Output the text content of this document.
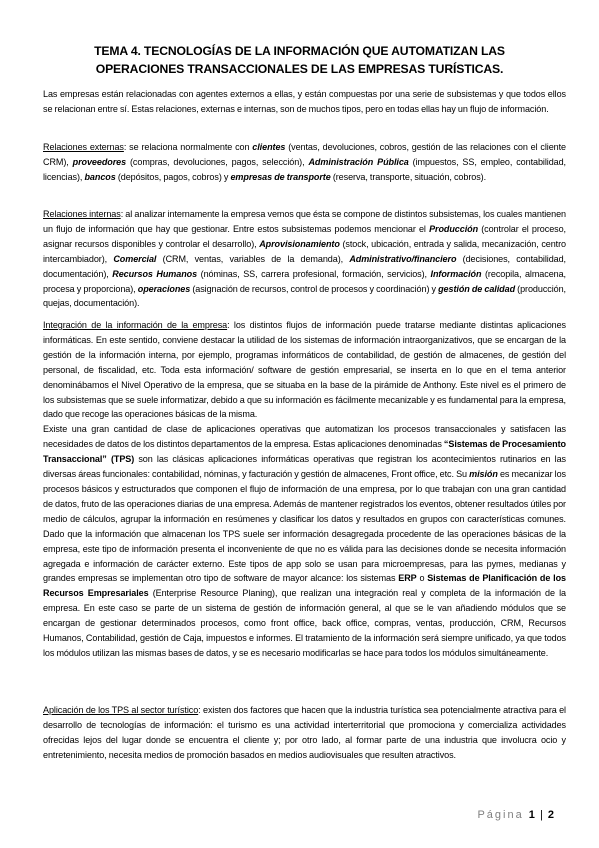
TEMA 4. TECNOLOGÍAS DE LA INFORMACIÓN QUE AUTOMATIZAN LAS OPERACIONES TRANSACCIONALES DE LAS EMPRESAS TURÍSTICAS.
Las empresas están relacionadas con agentes externos a ellas, y están compuestas por una serie de subsistemas y que todos ellos se relacionan entre sí. Estas relaciones, externas e internas, son de muchos tipos, pero en todas ellas hay un flujo de información.
Relaciones externas: se relaciona normalmente con clientes (ventas, devoluciones, cobros, gestión de las relaciones con el cliente CRM), proveedores (compras, devoluciones, pagos, selección), Administración Pública (impuestos, SS, empleo, contabilidad, licencias), bancos (depósitos, pagos, cobros) y empresas de transporte (reserva, transporte, situación, cobros).
Relaciones internas: al analizar internamente la empresa vemos que ésta se compone de distintos subsistemas, los cuales mantienen un flujo de información que hay que gestionar. Entre estos subsistemas podemos mencionar el Producción (controlar el proceso, asignar recursos disponibles y controlar el desarrollo), Aprovisionamiento (stock, ubicación, entrada y salida, mecanización, centro intercambiador), Comercial (CRM, ventas, variables de la demanda), Administrativo/financiero (decisiones, contabilidad, documentación), Recursos Humanos (nóminas, SS, carrera profesional, formación, servicios), Información (recopila, almacena, procesa y proporciona), operaciones (asignación de recursos, control de procesos y coordinación) y gestión de calidad (producción, quejas, documentación).
Integración de la información de la empresa: los distintos flujos de información puede tratarse mediante distintas aplicaciones informáticas. En este sentido, conviene destacar la utilidad de los sistemas de información intraorganizativos, que se encargan de la gestión de la información interna, por ejemplo, programas informáticos de contabilidad, de gestión de almacenes, de gestión del personal, de fiscalidad, etc. Toda esta información/ software de gestión empresarial, se inserta en lo que en el tema anterior denominábamos el Nivel Operativo de la empresa, que se situaba en la base de la pirámide de Anthony. Este nivel es el primero de los subsistemas que se suele informatizar, debido a que su información es fácilmente mecanizable y es fundamental para la empresa, dado que recoge las operaciones básicas de la misma.
Existe una gran cantidad de clase de aplicaciones operativas que automatizan los procesos transaccionales y satisfacen las necesidades de datos de los distintos departamentos de la empresa. Estas aplicaciones denominadas “Sistemas de Procesamiento Transaccional” (TPS) son las clásicas aplicaciones informáticas operativas que registran los acontecimientos rutinarios en las diversas áreas funcionales: contabilidad, nóminas, y facturación y gestión de almacenes, Front office, etc. Su misión es mecanizar los procesos básicos y estructurados que componen el flujo de información de una empresa, por lo que trabajan con una gran cantidad de datos, fruto de las operaciones diarias de una empresa. Además de mantener registrados los eventos, obtener resultados útiles por medio de cálculos, agrupar la información en resúmenes y clasificar los datos y resultados en grupos con características comunes. Dado que la información que almacenan los TPS suele ser información desagregada procedente de las operaciones básicas de la empresa, este tipo de información presenta el inconveniente de que no es válida para las decisiones donde se necesita información agregada e información de carácter externo. Este tipos de app solo se usan para microempresas, para las pymes, medianas y grandes empresas se implementan otro tipo de software de mayor alcance: los sistemas ERP o Sistemas de Planificación de los Recursos Empresariales (Enterprise Resource Planing), que realizan una integración real y completa de la información de la empresa. En este caso se parte de un sistema de gestión de información general, al que se le van añadiendo módulos que se encargan de gestionar determinados procesos, como front office, back office, compras, ventas, producción, CRM, Recursos Humanos, Contabilidad, gestión de Caja, impuestos e informes. El tratamiento de la información será siempre unificado, ya que todos los módulos utilizan las mismas bases de datos, y se es necesario modificarlas se hace para todos los módulos simultáneamente.
Aplicación de los TPS al sector turístico: existen dos factores que hacen que la industria turística sea potencialmente atractiva para el desarrollo de tecnologías de información: el turismo es una actividad interterritorial que promociona y comercializa actividades ofrecidas lejos del lugar donde se encuentra el cliente y; por otro lado, al formar parte de una industria que involucra ocio y entretenimiento, necesita medios de promoción basados en medios audiovisuales que resulten atractivos.
Página 1 | 2
